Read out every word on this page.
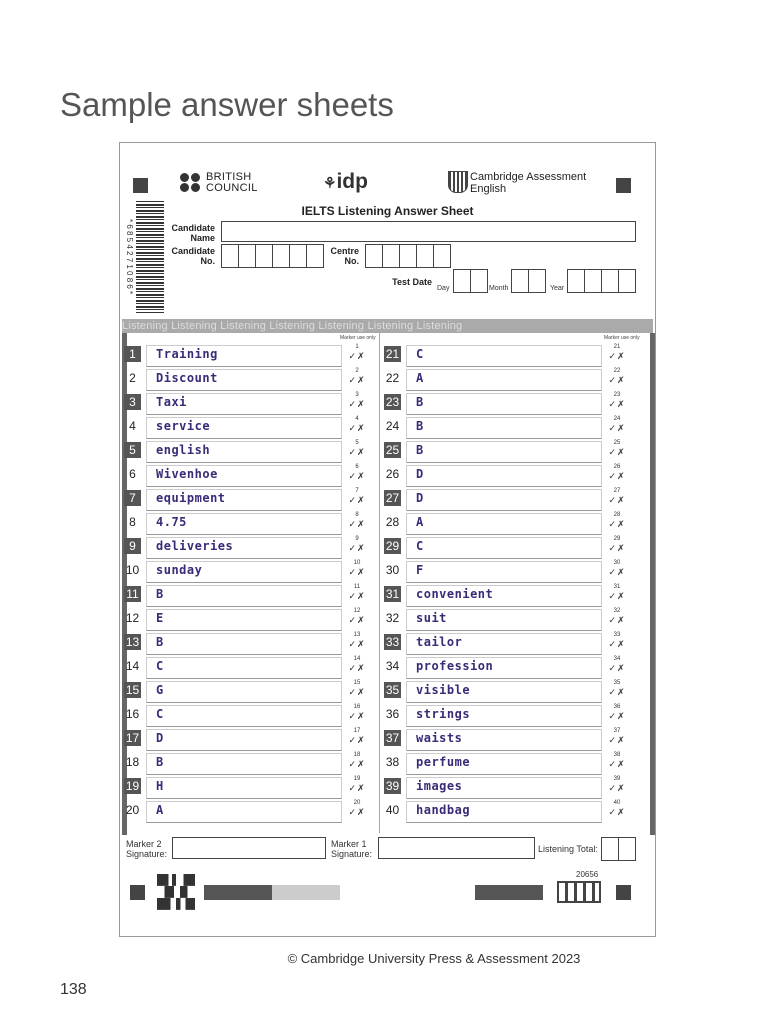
Sample answer sheets
BRITISH
COUNCIL	⚘idp	Cambridge Assessment
English
IELTS Listening Answer Sheet
* 6 8 5 4 2 7 1 0 8 6 *	Candidate
Name
Candidate
No.
Centre
No.
Test Date
Day	Month	Year
Listening Listening Listening Listening Listening Listening Listening
Marker use only	Marker use only
1	Training	1
✓✗
2	Discount	2
✓✗
3	Taxi	3
✓✗
4	service	4
✓✗
5	english	5
✓✗
6	Wivenhoe	6
✓✗
7	equipment	7
✓✗
8	4.75	8
✓✗
9	deliveries	9
✓✗
10 sunday	10
✓✗
11 B	11
✓✗
12 E	12
✓✗
13 B	13
✓✗
14 C	14
✓✗
15 G	15
✓✗
16 C	16
✓✗
17 D	17
✓✗
18 B	18
✓✗
19 H	19
✓✗
20 A	20
✓✗
21 C	21
✓✗
22 A	22
✓✗
23 B	23
✓✗
24 B	24
✓✗
25 B	25
✓✗
26 D	26
✓✗
27 D	27
✓✗
28 A	28
✓✗
29 C	29
✓✗
30 F	30
✓✗
31 convenient	31
✓✗
32 suit	32
✓✗
33 tailor	33
✓✗
34 profession	34
✓✗
35 visible	35
✓✗
36 strings	36
✓✗
37 waists	37
✓✗
38 perfume	38
✓✗
39 images	39
✓✗
40 handbag	40
✓✗
Marker 2
Signature:
Marker 1
Signature:	Listening Total:
20656
© Cambridge University Press & Assessment 2023
138
